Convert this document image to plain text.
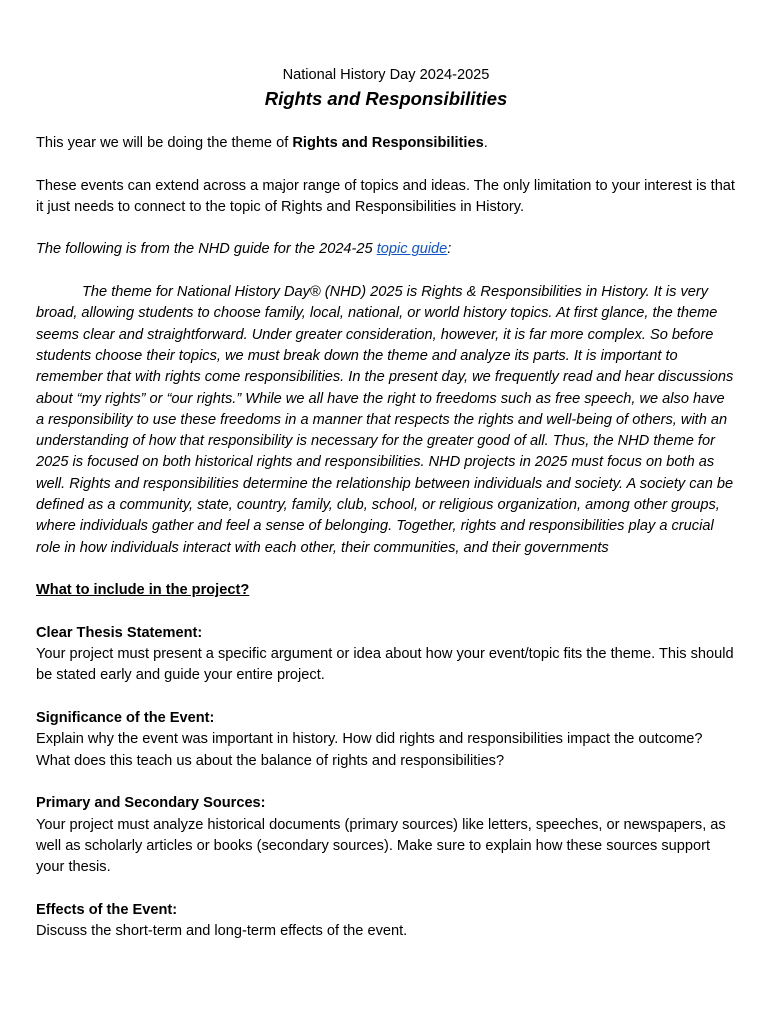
National History Day 2024-2025
Rights and Responsibilities

This year we will be doing the theme of Rights and Responsibilities.

These events can extend across a major range of topics and ideas. The only limitation to your interest is that it just needs to connect to the topic of Rights and Responsibilities in History.

The following is from the NHD guide for the 2024-25 topic guide:

The theme for National History Day® (NHD) 2025 is Rights & Responsibilities in History. It is very broad, allowing students to choose family, local, national, or world history topics. At first glance, the theme seems clear and straightforward. Under greater consideration, however, it is far more complex. So before students choose their topics, we must break down the theme and analyze its parts. It is important to remember that with rights come responsibilities. In the present day, we frequently read and hear discussions about “my rights” or “our rights.” While we all have the right to freedoms such as free speech, we also have a responsibility to use these freedoms in a manner that respects the rights and well-being of others, with an understanding of how that responsibility is necessary for the greater good of all. Thus, the NHD theme for 2025 is focused on both historical rights and responsibilities. NHD projects in 2025 must focus on both as well. Rights and responsibilities determine the relationship between individuals and society. A society can be defined as a community, state, country, family, club, school, or religious organization, among other groups, where individuals gather and feel a sense of belonging. Together, rights and responsibilities play a crucial role in how individuals interact with each other, their communities, and their governments

What to include in the project?

Clear Thesis Statement:
Your project must present a specific argument or idea about how your event/topic fits the theme. This should be stated early and guide your entire project.
Significance of the Event:
Explain why the event was important in history. How did rights and responsibilities impact the outcome? What does this teach us about the balance of rights and responsibilities?
Primary and Secondary Sources:
Your project must analyze historical documents (primary sources) like letters, speeches, or newspapers, as well as scholarly articles or books (secondary sources). Make sure to explain how these sources support your thesis.
Effects of the Event:
Discuss the short-term and long-term effects of the event.
